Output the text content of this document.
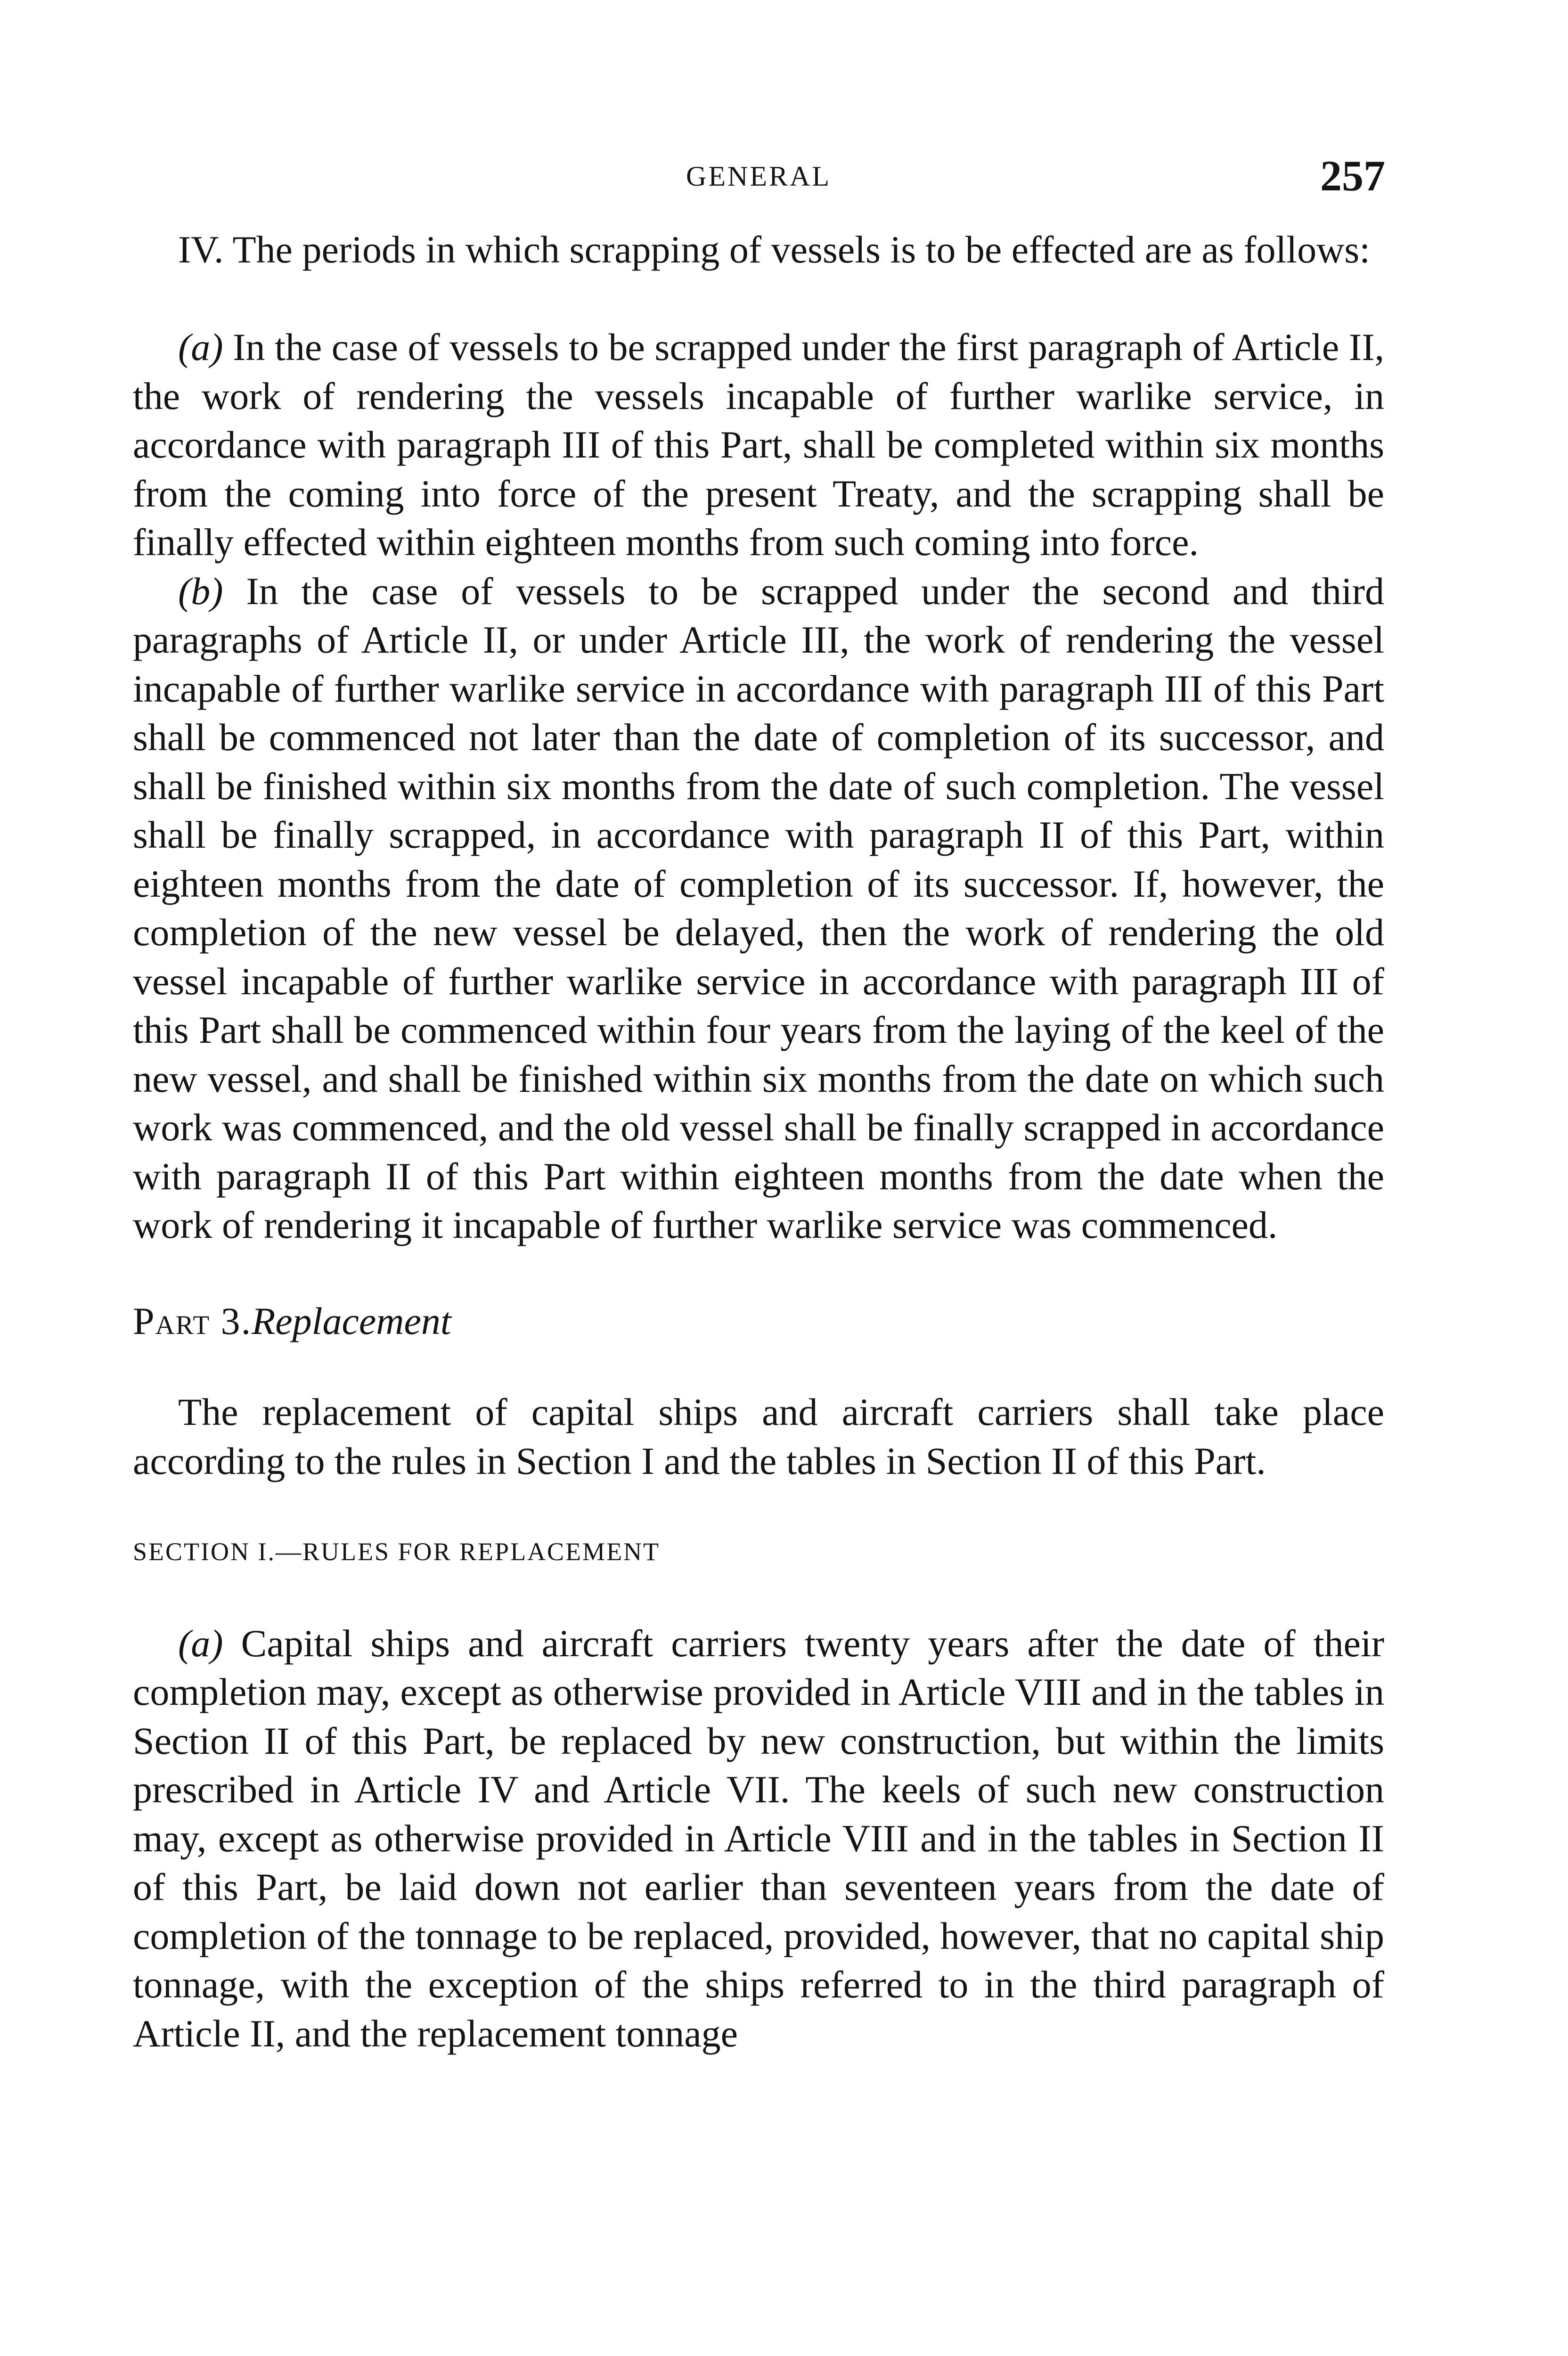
GENERAL	257

IV. The periods in which scrapping of vessels is to be effected are as follows:

(a) In the case of vessels to be scrapped under the first paragraph of Article II, the work of rendering the vessels incapable of further warlike service, in accordance with paragraph III of this Part, shall be completed within six months from the coming into force of the present Treaty, and the scrapping shall be finally effected within eighteen months from such coming into force.

(b) In the case of vessels to be scrapped under the second and third paragraphs of Article II, or under Article III, the work of rendering the vessel incapable of further warlike service in accordance with paragraph III of this Part shall be commenced not later than the date of completion of its successor, and shall be finished within six months from the date of such completion. The vessel shall be finally scrapped, in accordance with paragraph II of this Part, within eighteen months from the date of completion of its successor. If, however, the completion of the new vessel be delayed, then the work of rendering the old vessel incapable of further warlike service in accordance with paragraph III of this Part shall be commenced within four years from the laying of the keel of the new vessel, and shall be finished within six months from the date on which such work was commenced, and the old vessel shall be finally scrapped in accordance with paragraph II of this Part within eighteen months from the date when the work of rendering it incapable of further warlike service was commenced.

Part 3.Replacement

The replacement of capital ships and aircraft carriers shall take place according to the rules in Section I and the tables in Section II of this Part.

SECTION I.—RULES FOR REPLACEMENT

(a) Capital ships and aircraft carriers twenty years after the date of their completion may, except as otherwise provided in Article VIII and in the tables in Section II of this Part, be replaced by new construction, but within the limits prescribed in Article IV and Article VII. The keels of such new construction may, except as otherwise provided in Article VIII and in the tables in Section II of this Part, be laid down not earlier than seventeen years from the date of completion of the tonnage to be replaced, provided, however, that no capital ship tonnage, with the exception of the ships referred to in the third paragraph of Article II, and the replacement tonnage
